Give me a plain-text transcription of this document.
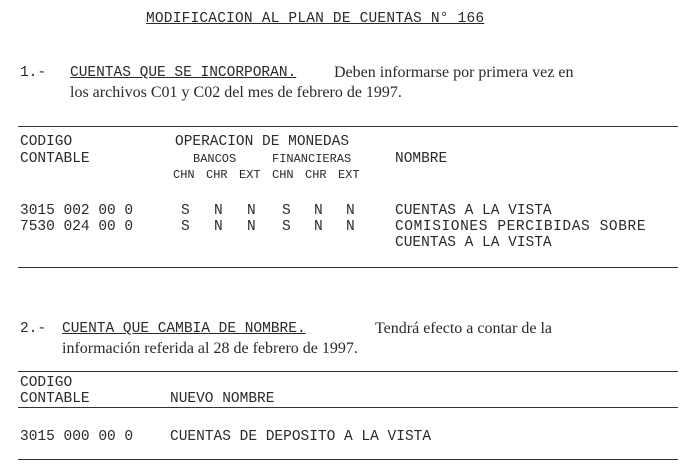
MODIFICACION AL PLAN DE CUENTAS N° 166
1.- CUENTAS QUE SE INCORPORAN. Deben informarse por primera vez en
los archivos C01 y C02 del mes de febrero de 1997.
CODIGO
CONTABLE
OPERACION DE MONEDAS
BANCOS	FINANCIERAS	NOMBRE
CHN CHR EXT CHN CHR EXT
3015 002 00 0	S N N S N N	CUENTAS A LA VISTA
7530 024 00 0	S N N S N N	COMISIONES PERCIBIDAS SOBRE
CUENTAS A LA VISTA
2.- CUENTA QUE CAMBIA DE NOMBRE.	Tendrá efecto a contar de la
información referida al 28 de febrero de 1997.
CODIGO
CONTABLE	NUEVO NOMBRE
3015 000 00 0	CUENTAS DE DEPOSITO A LA VISTA
